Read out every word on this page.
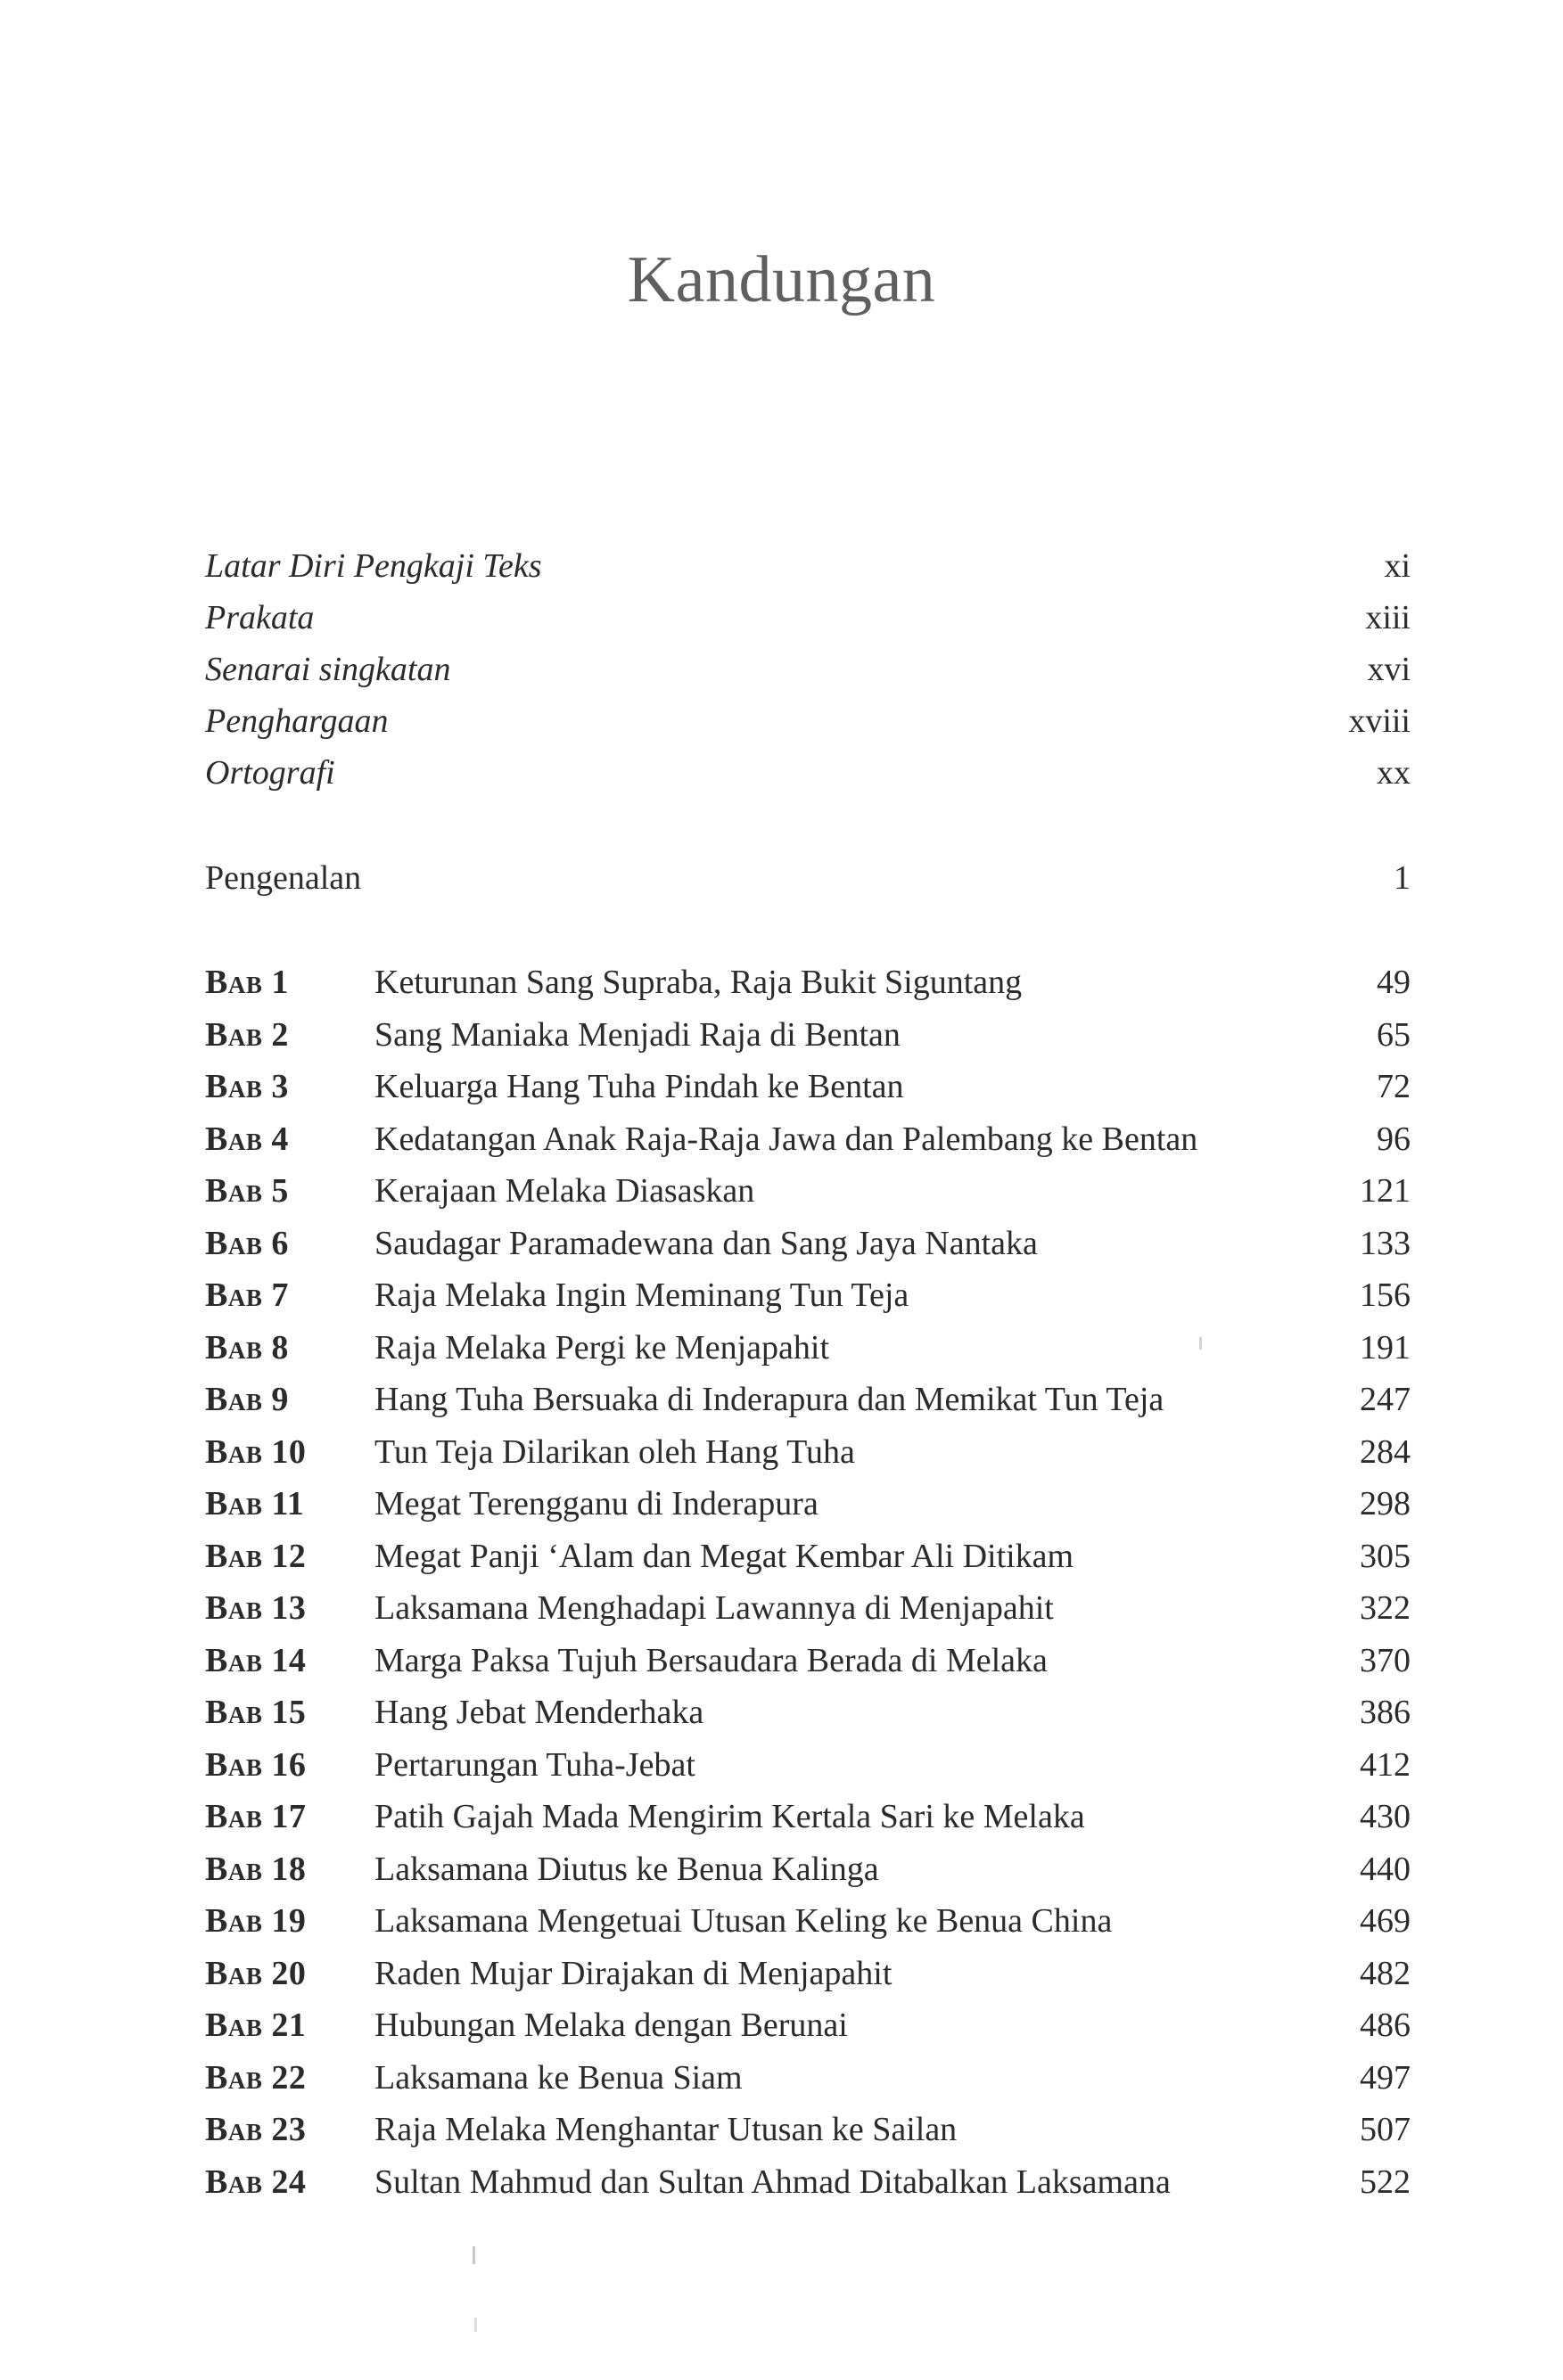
Kandungan
Latar Diri Pengkaji Teks	xi
Prakata	xiii
Senarai singkatan	xvi
Penghargaan	xviii
Ortografi	xx
Pengenalan	1
Bab 1	Keturunan Sang Supraba, Raja Bukit Siguntang	49
Bab 2	Sang Maniaka Menjadi Raja di Bentan	65
Bab 3	Keluarga Hang Tuha Pindah ke Bentan	72
Bab 4	Kedatangan Anak Raja-Raja Jawa dan Palembang ke Bentan	96
Bab 5	Kerajaan Melaka Diasaskan	121
Bab 6	Saudagar Paramadewana dan Sang Jaya Nantaka	133
Bab 7	Raja Melaka Ingin Meminang Tun Teja	156
Bab 8	Raja Melaka Pergi ke Menjapahit	191
Bab 9	Hang Tuha Bersuaka di Inderapura dan Memikat Tun Teja	247
Bab 10 Tun Teja Dilarikan oleh Hang Tuha	284
Bab 11 Megat Terengganu di Inderapura	298
Bab 12 Megat Panji ‘Alam dan Megat Kembar Ali Ditikam	305
Bab 13 Laksamana Menghadapi Lawannya di Menjapahit	322
Bab 14 Marga Paksa Tujuh Bersaudara Berada di Melaka	370
Bab 15 Hang Jebat Menderhaka	386
Bab 16 Pertarungan Tuha-Jebat	412
Bab 17 Patih Gajah Mada Mengirim Kertala Sari ke Melaka	430
Bab 18 Laksamana Diutus ke Benua Kalinga	440
Bab 19 Laksamana Mengetuai Utusan Keling ke Benua China	469
Bab 20 Raden Mujar Dirajakan di Menjapahit	482
Bab 21 Hubungan Melaka dengan Berunai	486
Bab 22 Laksamana ke Benua Siam	497
Bab 23 Raja Melaka Menghantar Utusan ke Sailan	507
Bab 24 Sultan Mahmud dan Sultan Ahmad Ditabalkan Laksamana	522
